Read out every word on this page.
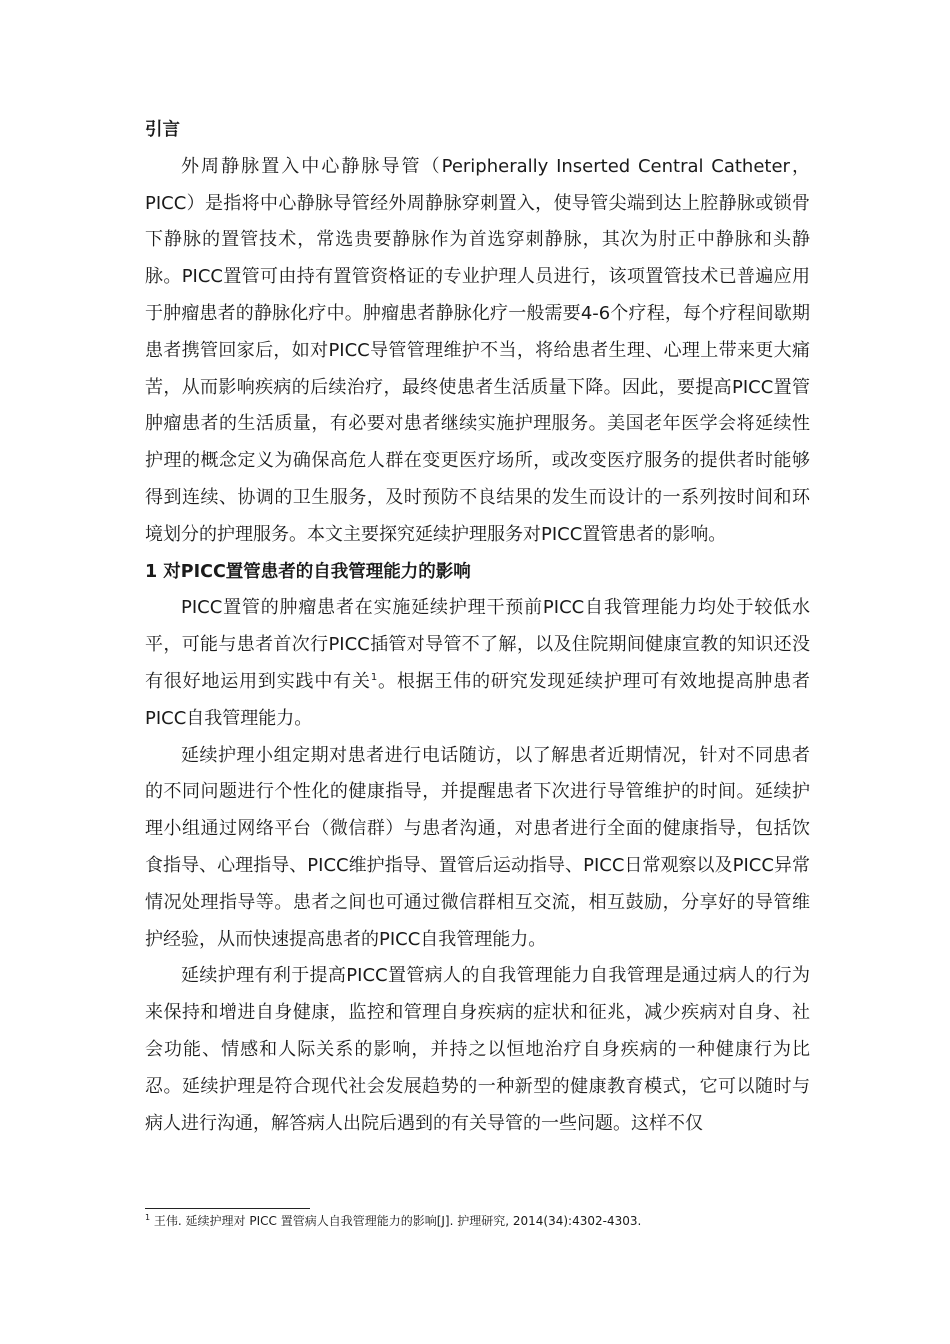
引言

外周静脉置入中心静脉导管（Peripherally Inserted Central Catheter，PICC）是指将中心静脉导管经外周静脉穿刺置入，使导管尖端到达上腔静脉或锁骨下静脉的置管技术，常选贵要静脉作为首选穿刺静脉，其次为肘正中静脉和头静脉。PICC置管可由持有置管资格证的专业护理人员进行，该项置管技术已普遍应用于肿瘤患者的静脉化疗中。肿瘤患者静脉化疗一般需要4-6个疗程，每个疗程间歇期患者携管回家后，如对PICC导管管理维护不当，将给患者生理、心理上带来更大痛苦，从而影响疾病的后续治疗，最终使患者生活质量下降。因此，要提高PICC置管肿瘤患者的生活质量，有必要对患者继续实施护理服务。美国老年医学会将延续性护理的概念定义为确保高危人群在变更医疗场所，或改变医疗服务的提供者时能够得到连续、协调的卫生服务，及时预防不良结果的发生而设计的一系列按时间和环境划分的护理服务。本文主要探究延续护理服务对PICC置管患者的影响。

1 对PICC置管患者的自我管理能力的影响

PICC置管的肿瘤患者在实施延续护理干预前PICC自我管理能力均处于较低水平，可能与患者首次行PICC插管对导管不了解，以及住院期间健康宣教的知识还没有很好地运用到实践中有关$^1$。根据王伟的研究发现延续护理可有效地提高肿患者PICC自我管理能力。

延续护理小组定期对患者进行电话随访，以了解患者近期情况，针对不同患者的不同问题进行个性化的健康指导，并提醒患者下次进行导管维护的时间。延续护理小组通过网络平台（微信群）与患者沟通，对患者进行全面的健康指导，包括饮食指导、心理指导、PICC维护指导、置管后运动指导、PICC日常观察以及PICC异常情况处理指导等。患者之间也可通过微信群相互交流，相互鼓励，分享好的导管维护经验，从而快速提高患者的PICC自我管理能力。

延续护理有利于提高PICC置管病人的自我管理能力自我管理是通过病人的行为来保持和增进自身健康，监控和管理自身疾病的症状和征兆，减少疾病对自身、社会功能、情感和人际关系的影响，并持之以恒地治疗自身疾病的一种健康行为比忍。延续护理是符合现代社会发展趋势的一种新型的健康教育模式，它可以随时与病人进行沟通，解答病人出院后遇到的有关导管的一些问题。这样不仅

$^1$ 王伟. 延续护理对 PICC 置管病人自我管理能力的影响[J]. 护理研究, 2014(34):4302-4303.
